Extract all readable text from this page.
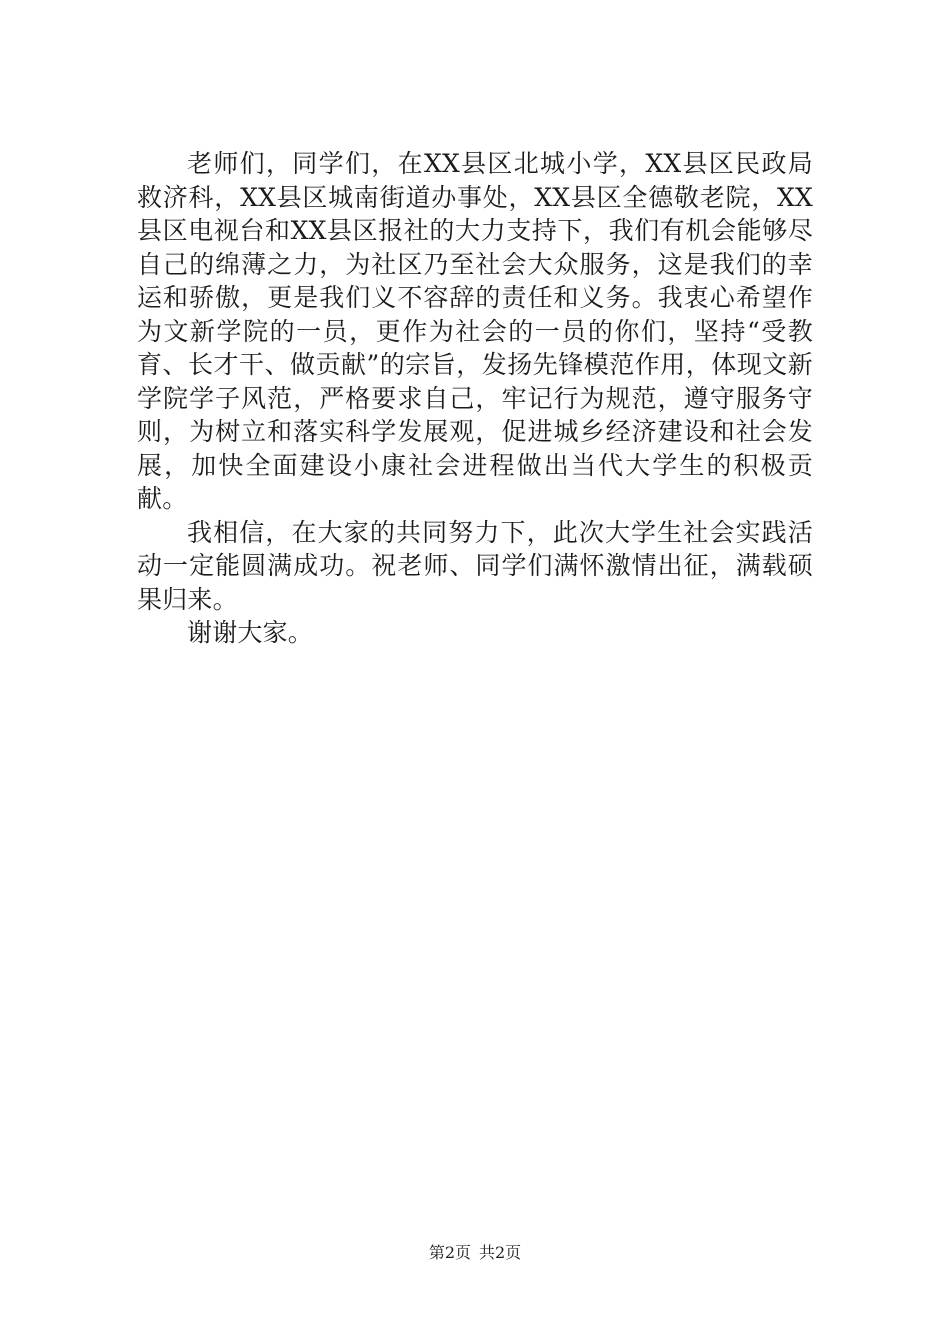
老师们，同学们，在XX县区北城小学，XX县区民政局救济科，XX县区城南街道办事处，XX县区全德敬老院，XX县区电视台和XX县区报社的大力支持下，我们有机会能够尽自己的绵薄之力，为社区乃至社会大众服务，这是我们的幸运和骄傲，更是我们义不容辞的责任和义务。我衷心希望作为文新学院的一员，更作为社会的一员的你们，坚持“受教育、长才干、做贡献”的宗旨，发扬先锋模范作用，体现文新学院学子风范，严格要求自己，牢记行为规范，遵守服务守则，为树立和落实科学发展观，促进城乡经济建设和社会发展，加快全面建设小康社会进程做出当代大学生的积极贡献。

我相信，在大家的共同努力下，此次大学生社会实践活动一定能圆满成功。祝老师、同学们满怀激情出征，满载硕果归来。

谢谢大家。

第2页 共2页
